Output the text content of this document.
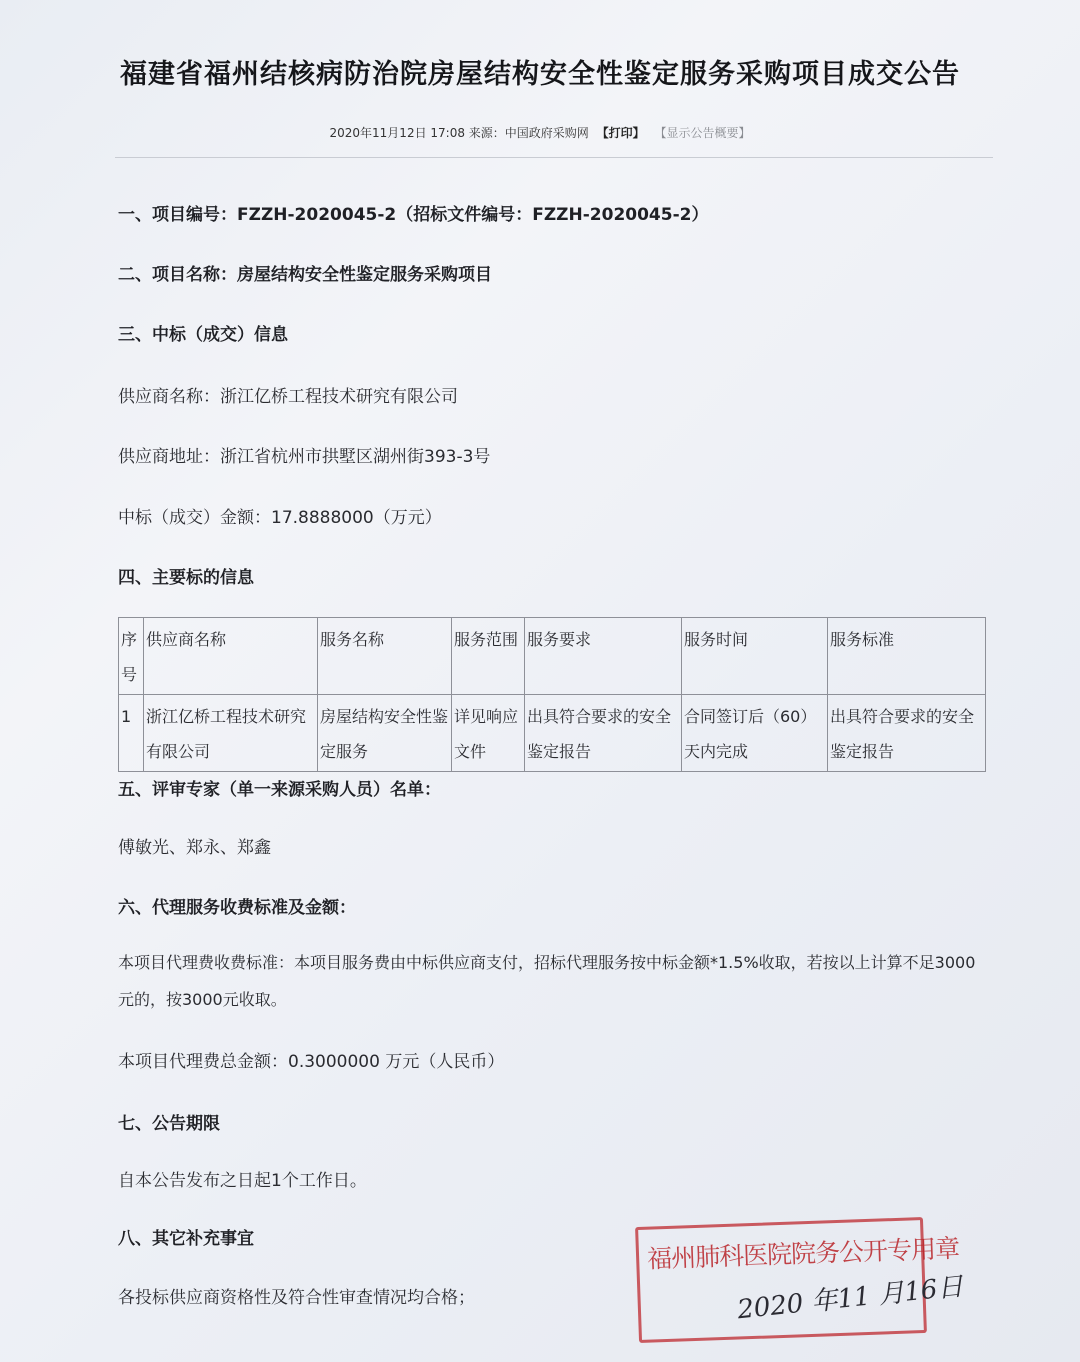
福建省福州结核病防治院房屋结构安全性鉴定服务采购项目成交公告
2020年11月12日 17:08 来源：中国政府采购网 【打印】 【显示公告概要】
一、项目编号：FZZH-2020045-2（招标文件编号：FZZH-2020045-2）
二、项目名称：房屋结构安全性鉴定服务采购项目
三、中标（成交）信息
供应商名称：浙江亿桥工程技术研究有限公司
供应商地址：浙江省杭州市拱墅区湖州街393-3号
中标（成交）金额：17.8888000（万元）
四、主要标的信息
序号	供应商名称	服务名称	服务范围	服务要求	服务时间	服务标准
1	浙江亿桥工程技术研究有限公司	房屋结构安全性鉴定服务	详见响应文件	出具符合要求的安全鉴定报告	合同签订后（60）天内完成	出具符合要求的安全鉴定报告
五、评审专家（单一来源采购人员）名单：
傅敏光、郑永、郑鑫
六、代理服务收费标准及金额：
本项目代理费收费标准：本项目服务费由中标供应商支付，招标代理服务按中标金额*1.5%收取，若按以上计算不足3000元的，按3000元收取。
本项目代理费总金额：0.3000000 万元（人民币）
七、公告期限
自本公告发布之日起1个工作日。
八、其它补充事宜
各投标供应商资格性及符合性审查情况均合格；
福州肺科医院院务公开专用章
2020 年11 月16日
